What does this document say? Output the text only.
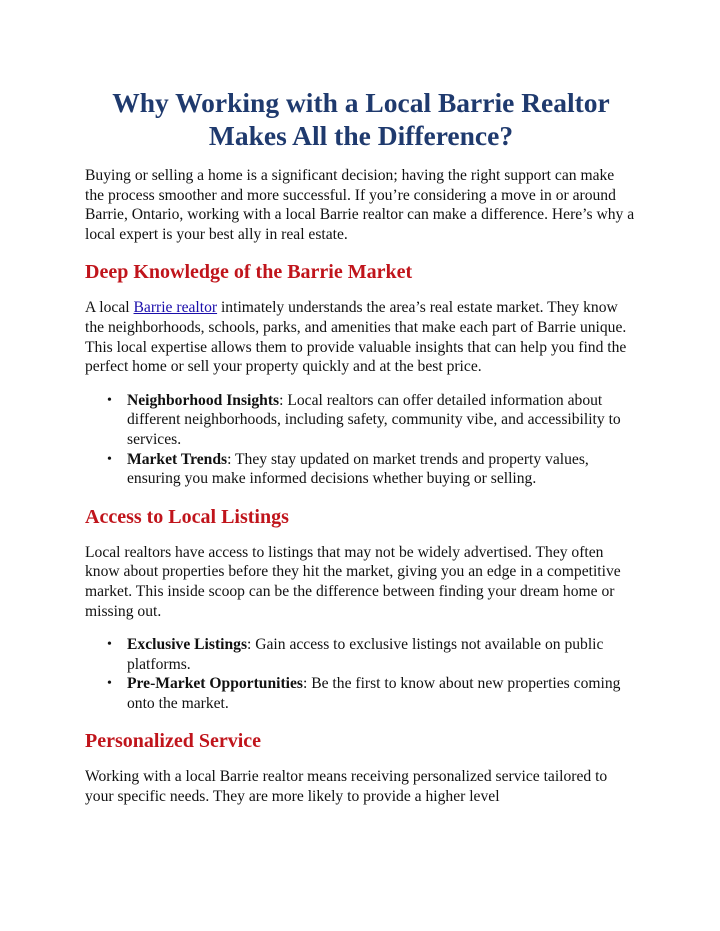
Why Working with a Local Barrie Realtor Makes All the Difference?

Buying or selling a home is a significant decision; having the right support can make the process smoother and more successful. If you’re considering a move in or around Barrie, Ontario, working with a local Barrie realtor can make a difference. Here’s why a local expert is your best ally in real estate.

Deep Knowledge of the Barrie Market

A local Barrie realtor intimately understands the area’s real estate market. They know the neighborhoods, schools, parks, and amenities that make each part of Barrie unique. This local expertise allows them to provide valuable insights that can help you find the perfect home or sell your property quickly and at the best price.

• Neighborhood Insights: Local realtors can offer detailed information about different neighborhoods, including safety, community vibe, and accessibility to services.
• Market Trends: They stay updated on market trends and property values, ensuring you make informed decisions whether buying or selling.
Access to Local Listings

Local realtors have access to listings that may not be widely advertised. They often know about properties before they hit the market, giving you an edge in a competitive market. This inside scoop can be the difference between finding your dream home or missing out.

• Exclusive Listings: Gain access to exclusive listings not available on public platforms.
• Pre-Market Opportunities: Be the first to know about new properties coming onto the market.
Personalized Service

Working with a local Barrie realtor means receiving personalized service tailored to your specific needs. They are more likely to provide a higher level
